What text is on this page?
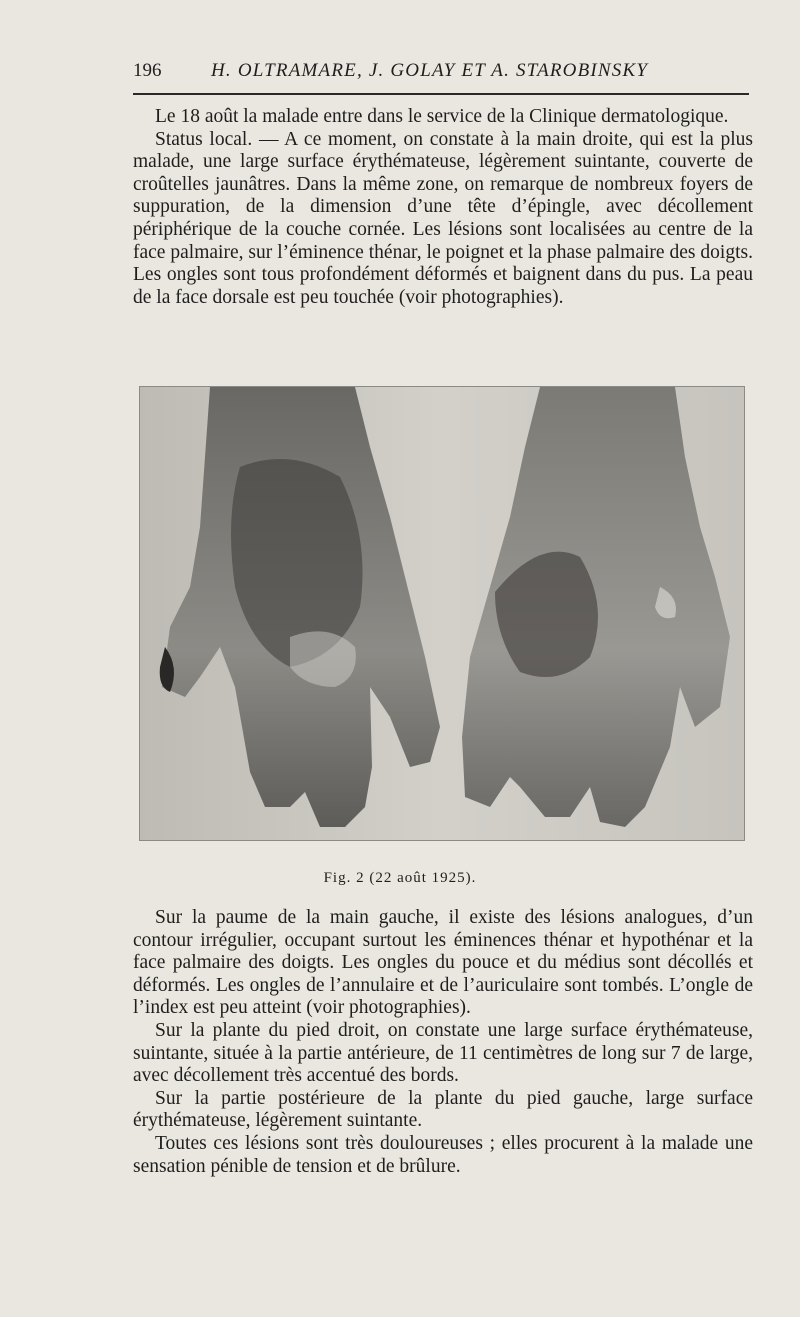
196	H. OLTRAMARE, J. GOLAY ET A. STAROBINSKY

Le 18 août la malade entre dans le service de la Clinique dermatologique.

Status local. — A ce moment, on constate à la main droite, qui est la plus malade, une large surface érythémateuse, légèrement suintante, couverte de croûtelles jaunâtres. Dans la même zone, on remarque de nombreux foyers de suppuration, de la dimension d’une tête d’épingle, avec décollement périphérique de la couche cornée. Les lésions sont localisées au centre de la face palmaire, sur l’éminence thénar, le poignet et la phase palmaire des doigts. Les ongles sont tous profondément déformés et baignent dans du pus. La peau de la face dorsale est peu touchée (voir photographies).

Fig. 2 (22 août 1925).

Sur la paume de la main gauche, il existe des lésions analogues, d’un contour irrégulier, occupant surtout les éminences thénar et hypothénar et la face palmaire des doigts. Les ongles du pouce et du médius sont décollés et déformés. Les ongles de l’annulaire et de l’auriculaire sont tombés. L’ongle de l’index est peu atteint (voir photographies).

Sur la plante du pied droit, on constate une large surface érythémateuse, suintante, située à la partie antérieure, de 11 centimètres de long sur 7 de large, avec décollement très accentué des bords.

Sur la partie postérieure de la plante du pied gauche, large surface érythémateuse, légèrement suintante.

Toutes ces lésions sont très douloureuses ; elles procurent à la malade une sensation pénible de tension et de brûlure.
